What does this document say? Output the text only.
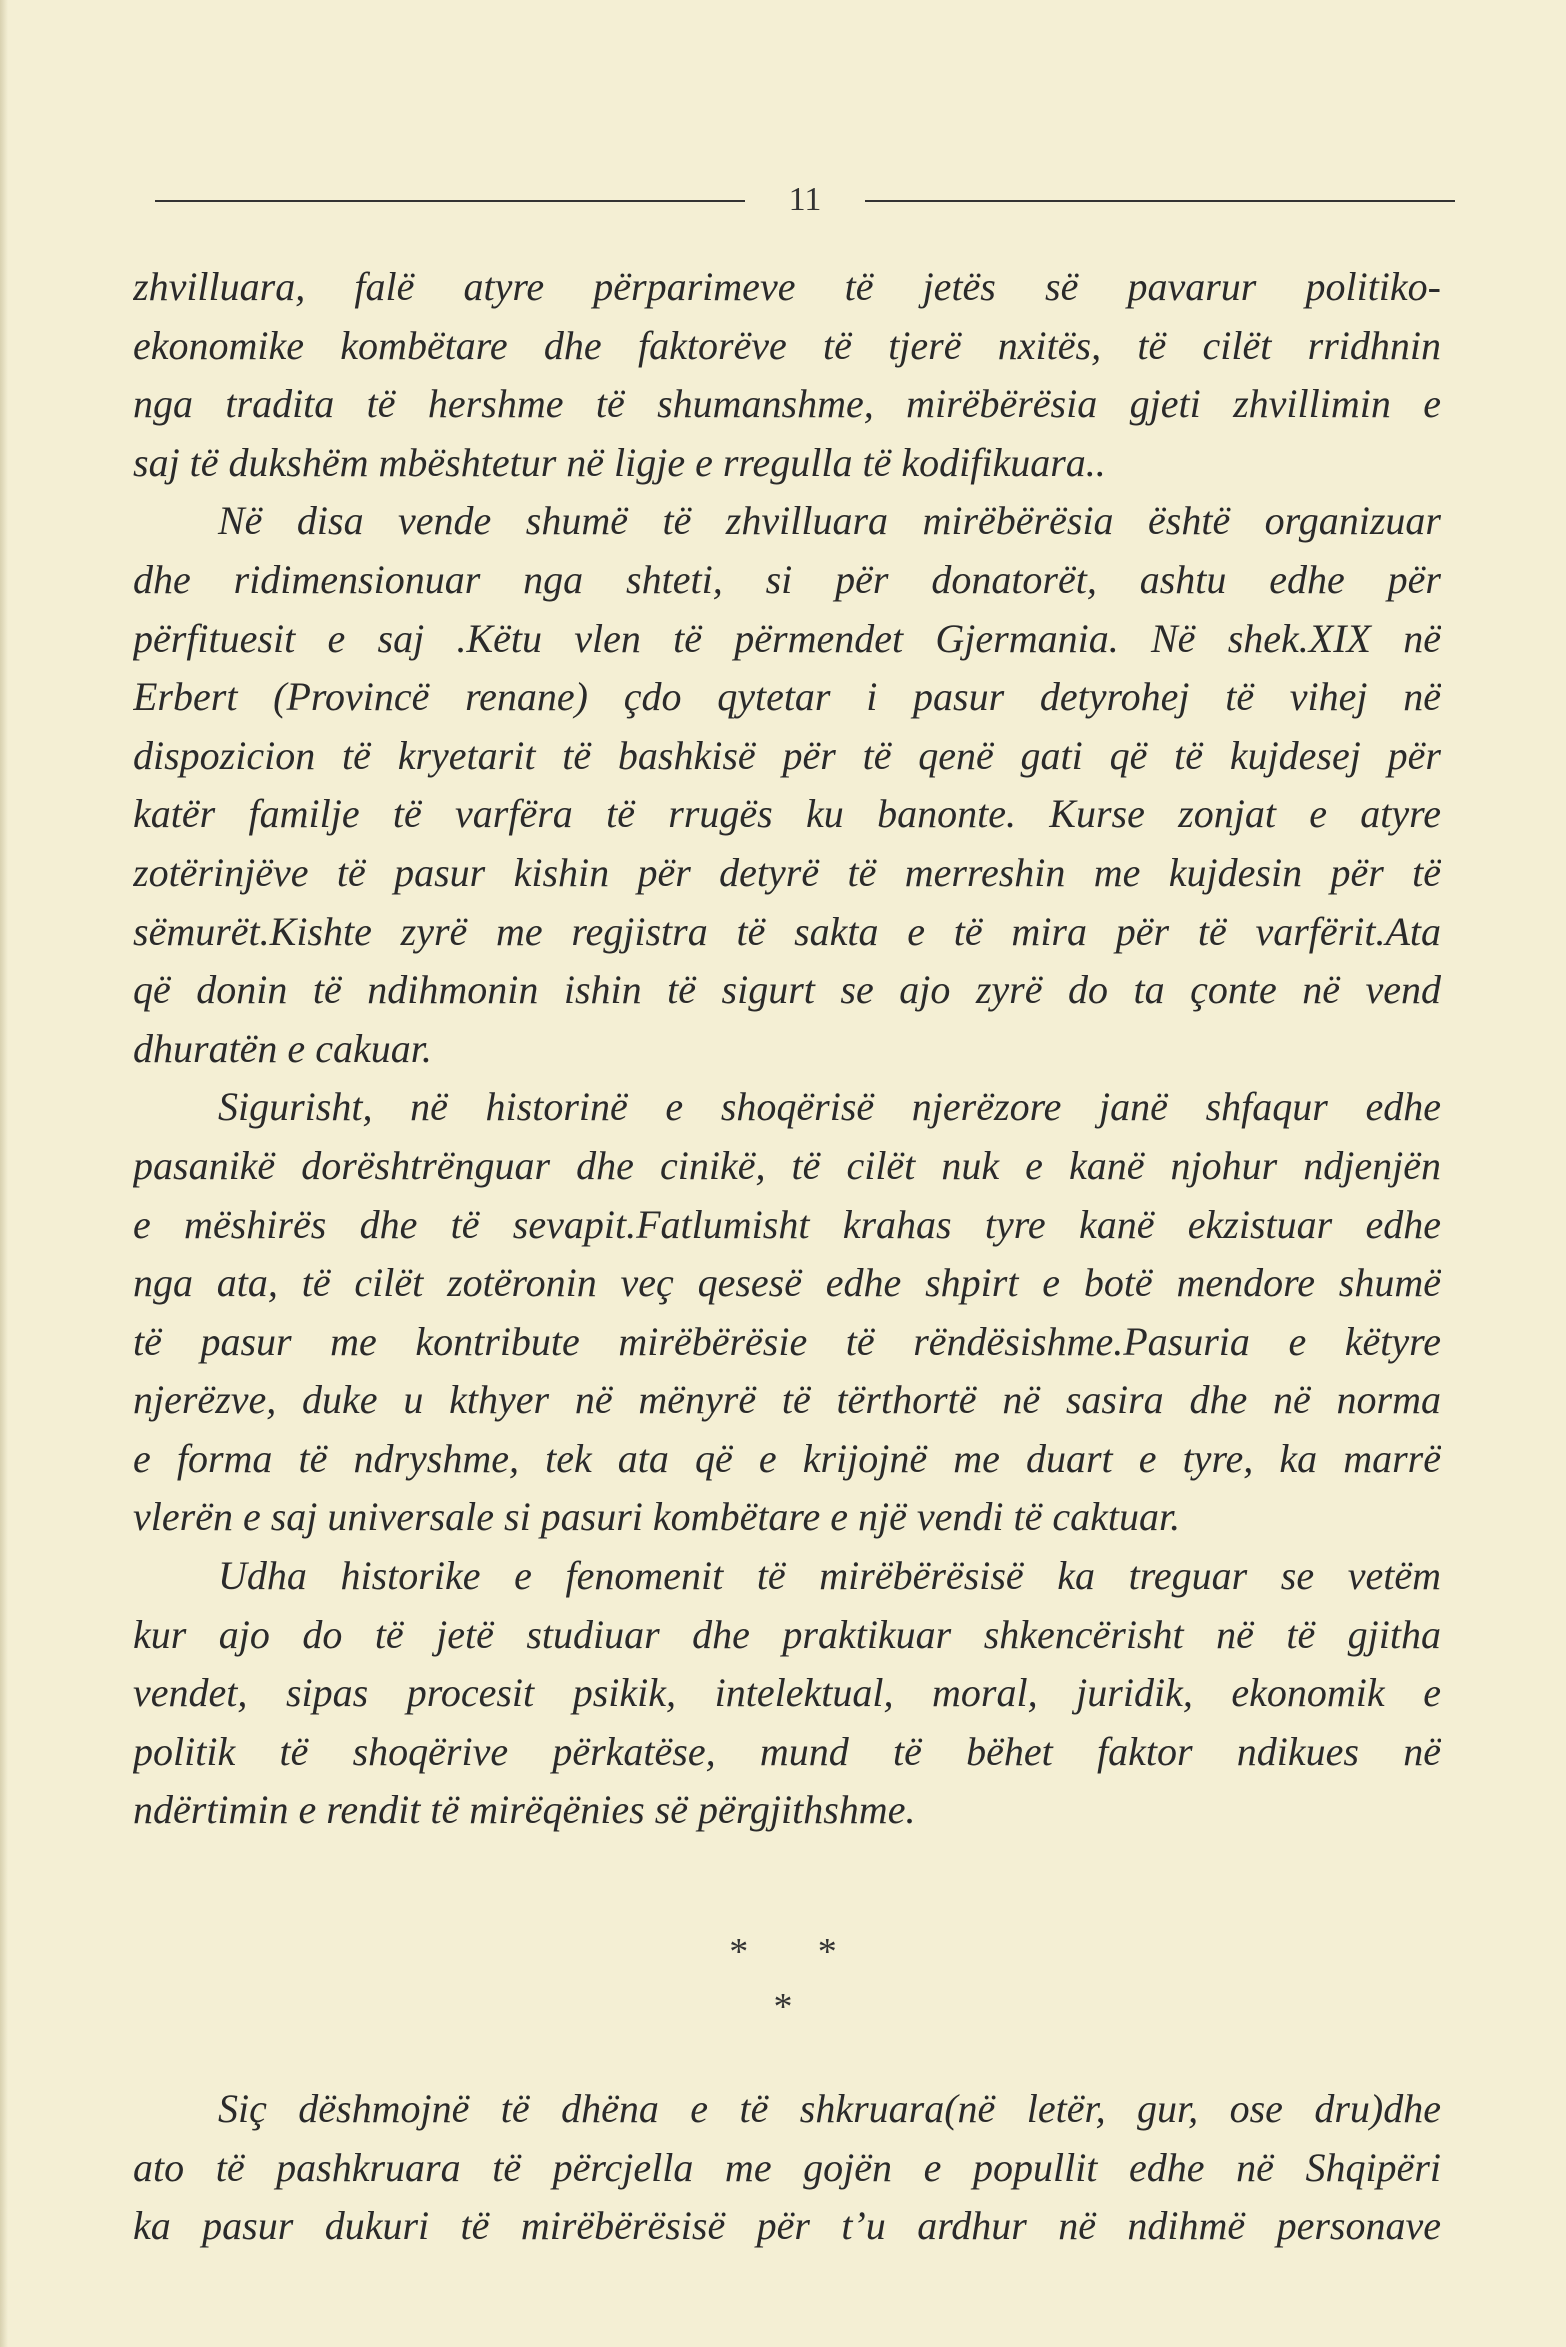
11

zhvilluara, falë atyre përparimeve të jetës së pavarur politiko-
ekonomike kombëtare dhe faktorëve të tjerë nxitës, të cilët rridhnin
nga tradita të hershme të shumanshme, mirëbërësia gjeti zhvillimin e
saj të dukshëm mbështetur në ligje e rregulla të kodifikuara..

Në disa vende shumë të zhvilluara mirëbërësia është organizuar
dhe ridimensionuar nga shteti, si për donatorët, ashtu edhe për
përfituesit e saj .Këtu vlen të përmendet Gjermania. Në shek.XIX në
Erbert (Provincë renane) çdo qytetar i pasur detyrohej të vihej në
dispozicion të kryetarit të bashkisë për të qenë gati që të kujdesej për
katër familje të varfëra të rrugës ku banonte. Kurse zonjat e atyre
zotërinjëve të pasur kishin për detyrë të merreshin me kujdesin për të
sëmurët.Kishte zyrë me regjistra të sakta e të mira për të varfërit.Ata
që donin të ndihmonin ishin të sigurt se ajo zyrë do ta çonte në vend
dhuratën e cakuar.

Sigurisht, në historinë e shoqërisë njerëzore janë shfaqur edhe
pasanikë dorështrënguar dhe cinikë, të cilët nuk e kanë njohur ndjenjën
e mëshirës dhe të sevapit.Fatlumisht krahas tyre kanë ekzistuar edhe
nga ata, të cilët zotëronin veç qesesë edhe shpirt e botë mendore shumë
të pasur me kontribute mirëbërësie të rëndësishme.Pasuria e këtyre
njerëzve, duke u kthyer në mënyrë të tërthortë në sasira dhe në norma
e forma të ndryshme, tek ata që e krijojnë me duart e tyre, ka marrë
vlerën e saj universale si pasuri kombëtare e një vendi të caktuar.

Udha historike e fenomenit të mirëbërësisë ka treguar se vetëm
kur ajo do të jetë studiuar dhe praktikuar shkencërisht në të gjitha
vendet, sipas procesit psikik, intelektual, moral, juridik, ekonomik e
politik të shoqërive përkatëse, mund të bëhet faktor ndikues në
ndërtimin e rendit të mirëqënies së përgjithshme.

* *
*

Siç dëshmojnë të dhëna e të shkruara(në letër, gur, ose dru)dhe
ato të pashkruara të përcjella me gojën e popullit edhe në Shqipëri
ka pasur dukuri të mirëbërësisë për t’u ardhur në ndihmë personave
